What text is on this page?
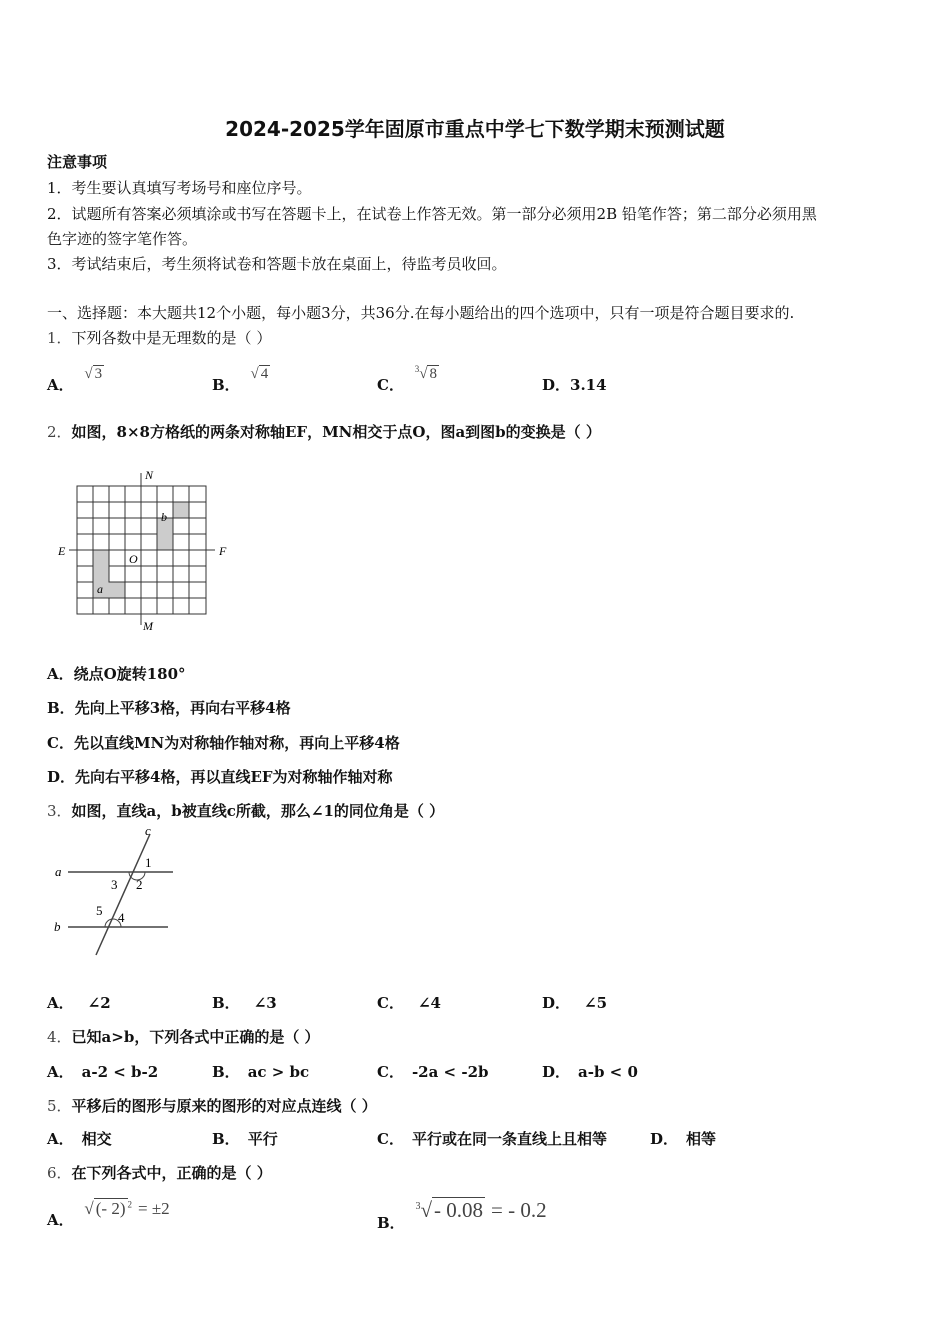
2024-2025学年固原市重点中学七下数学期末预测试题
注意事项
1．考生要认真填写考场号和座位序号。
2．试题所有答案必须填涂或书写在答题卡上，在试卷上作答无效。第一部分必须用2B 铅笔作答；第二部分必须用黑
色字迹的签字笔作答。
3．考试结束后，考生须将试卷和答题卡放在桌面上，待监考员收回。
一、选择题：本大题共12个小题，每小题3分，共36分.在每小题给出的四个选项中，只有一项是符合题目要求的.
1．下列各数中是无理数的是（ ）
A． √ 3
B． √ 4
C． $^3$√ 8
D．3.14
2．如图，8×8方格纸的两条对称轴EF，MN相交于点O，图a到图b的变换是（ ）
N
M
E	F
O
a
b
A．绕点O旋转180°
B．先向上平移3格，再向右平移4格
C．先以直线MN为对称轴作轴对称，再向上平移4格
D．先向右平移4格，再以直线EF为对称轴作轴对称
3．如图，直线a，b被直线c所截，那么∠1的同位角是（ ）
c
a
b
1
2
3
4
5
A． ∠2	B． ∠3	C． ∠4	D． ∠5
4．已知a>b，下列各式中正确的是（ ）
A． a-2 < b-2	B． ac > bc	C． -2a < -2b	D． a-b < 0
5．平移后的图形与原来的图形的对应点连线（ ）
A． 相交	B． 平行	C． 平行或在同一条直线上且相等	D． 相等
6．在下列各式中，正确的是（ ）
A． √ (- 2) $^2$ = ±2
B． $^3$√- 0.08 = - 0.2
